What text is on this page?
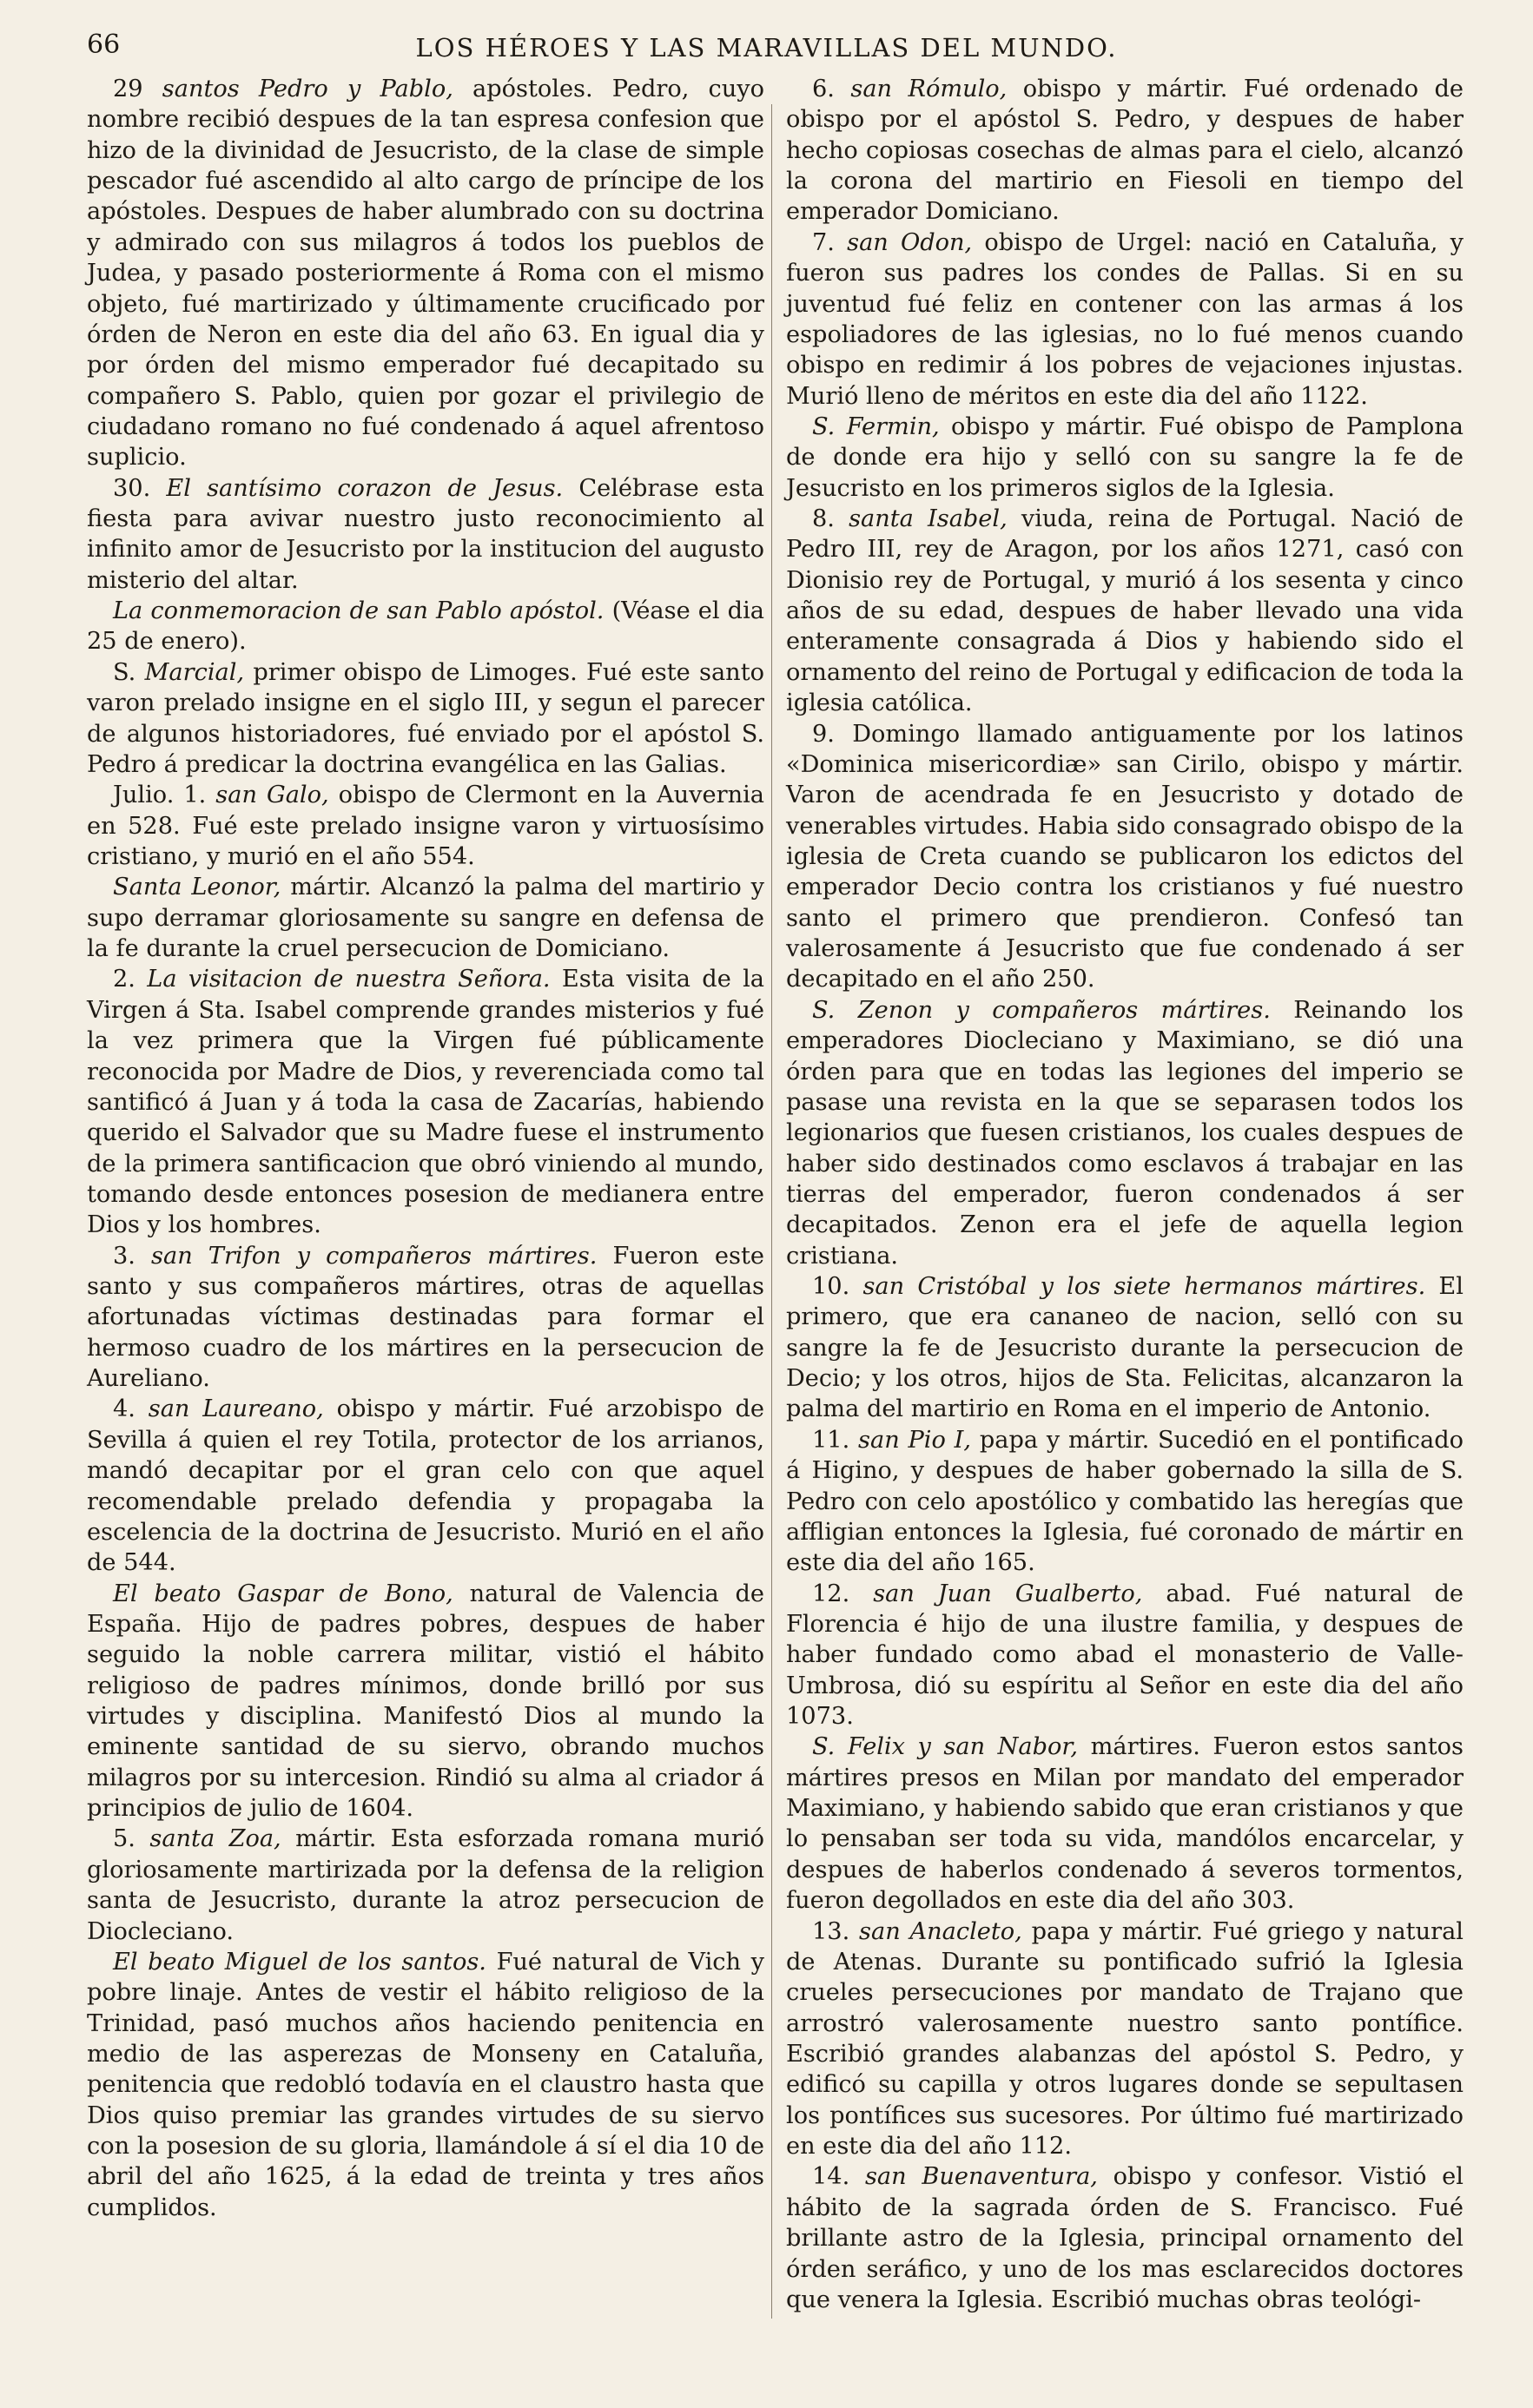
66	LOS HÉROES Y LAS MARAVILLAS DEL MUNDO.

29 santos Pedro y Pablo, apóstoles. Pedro, cuyo nombre recibió despues de la tan espresa confesion que hizo de la divinidad de Jesucristo, de la clase de simple pescador fué ascendido al alto cargo de príncipe de los apóstoles. Despues de haber alumbrado con su doctrina y admirado con sus milagros á todos los pueblos de Judea, y pasado posteriormente á Roma con el mismo objeto, fué martirizado y últimamente crucificado por órden de Neron en este dia del año 63. En igual dia y por órden del mismo emperador fué decapitado su compañero S. Pablo, quien por gozar el privilegio de ciudadano romano no fué condenado á aquel afrentoso suplicio.

30. El santísimo corazon de Jesus. Celébrase esta fiesta para avivar nuestro justo reconocimiento al infinito amor de Jesucristo por la institucion del augusto misterio del altar.

La conmemoracion de san Pablo apóstol. (Véase el dia 25 de enero).

S. Marcial, primer obispo de Limoges. Fué este santo varon prelado insigne en el siglo III, y segun el parecer de algunos historiadores, fué enviado por el apóstol S. Pedro á predicar la doctrina evangélica en las Galias.

Julio. 1. san Galo, obispo de Clermont en la Auvernia en 528. Fué este prelado insigne varon y virtuosísimo cristiano, y murió en el año 554.

Santa Leonor, mártir. Alcanzó la palma del martirio y supo derramar gloriosamente su sangre en defensa de la fe durante la cruel persecucion de Domiciano.

2. La visitacion de nuestra Señora. Esta visita de la Virgen á Sta. Isabel comprende grandes misterios y fué la vez primera que la Virgen fué públicamente reconocida por Madre de Dios, y reverenciada como tal santificó á Juan y á toda la casa de Zacarías, habiendo querido el Salvador que su Madre fuese el instrumento de la primera santificacion que obró viniendo al mundo, tomando desde entonces posesion de medianera entre Dios y los hombres.

3. san Trifon y compañeros mártires. Fueron este santo y sus compañeros mártires, otras de aquellas afortunadas víctimas destinadas para formar el hermoso cuadro de los mártires en la persecucion de Aureliano.

4. san Laureano, obispo y mártir. Fué arzobispo de Sevilla á quien el rey Totila, protector de los arrianos, mandó decapitar por el gran celo con que aquel recomendable prelado defendia y propagaba la escelencia de la doctrina de Jesucristo. Murió en el año de 544.

El beato Gaspar de Bono, natural de Valencia de España. Hijo de padres pobres, despues de haber seguido la noble carrera militar, vistió el hábito religioso de padres mínimos, donde brilló por sus virtudes y disciplina. Manifestó Dios al mundo la eminente santidad de su siervo, obrando muchos milagros por su intercesion. Rindió su alma al criador á principios de julio de 1604.

5. santa Zoa, mártir. Esta esforzada romana murió gloriosamente martirizada por la defensa de la religion santa de Jesucristo, durante la atroz persecucion de Diocleciano.

El beato Miguel de los santos. Fué natural de Vich y pobre linaje. Antes de vestir el hábito religioso de la Trinidad, pasó muchos años haciendo penitencia en medio de las asperezas de Monseny en Cataluña, penitencia que redobló todavía en el claustro hasta que Dios quiso premiar las grandes virtudes de su siervo con la posesion de su gloria, llamándole á sí el dia 10 de abril del año 1625, á la edad de treinta y tres años cumplidos.

6. san Rómulo, obispo y mártir. Fué ordenado de obispo por el apóstol S. Pedro, y despues de haber hecho copiosas cosechas de almas para el cielo, alcanzó la corona del martirio en Fiesoli en tiempo del emperador Domiciano.

7. san Odon, obispo de Urgel: nació en Cataluña, y fueron sus padres los condes de Pallas. Si en su juventud fué feliz en contener con las armas á los espoliadores de las iglesias, no lo fué menos cuando obispo en redimir á los pobres de vejaciones injustas. Murió lleno de méritos en este dia del año 1122.

S. Fermin, obispo y mártir. Fué obispo de Pamplona de donde era hijo y selló con su sangre la fe de Jesucristo en los primeros siglos de la Iglesia.

8. santa Isabel, viuda, reina de Portugal. Nació de Pedro III, rey de Aragon, por los años 1271, casó con Dionisio rey de Portugal, y murió á los sesenta y cinco años de su edad, despues de haber llevado una vida enteramente consagrada á Dios y habiendo sido el ornamento del reino de Portugal y edificacion de toda la iglesia católica.

9. Domingo llamado antiguamente por los latinos «Dominica misericordiæ» san Cirilo, obispo y mártir. Varon de acendrada fe en Jesucristo y dotado de venerables virtudes. Habia sido consagrado obispo de la iglesia de Creta cuando se publicaron los edictos del emperador Decio contra los cristianos y fué nuestro santo el primero que prendieron. Confesó tan valerosamente á Jesucristo que fue condenado á ser decapitado en el año 250.

S. Zenon y compañeros mártires. Reinando los emperadores Diocleciano y Maximiano, se dió una órden para que en todas las legiones del imperio se pasase una revista en la que se separasen todos los legionarios que fuesen cristianos, los cuales despues de haber sido destinados como esclavos á trabajar en las tierras del emperador, fueron condenados á ser decapitados. Zenon era el jefe de aquella legion cristiana.

10. san Cristóbal y los siete hermanos mártires. El primero, que era cananeo de nacion, selló con su sangre la fe de Jesucristo durante la persecucion de Decio; y los otros, hijos de Sta. Felicitas, alcanzaron la palma del martirio en Roma en el imperio de Antonio.

11. san Pio I, papa y mártir. Sucedió en el pontificado á Higino, y despues de haber gobernado la silla de S. Pedro con celo apostólico y combatido las heregías que affligian entonces la Iglesia, fué coronado de mártir en este dia del año 165.

12. san Juan Gualberto, abad. Fué natural de Florencia é hijo de una ilustre familia, y despues de haber fundado como abad el monasterio de Valle-Umbrosa, dió su espíritu al Señor en este dia del año 1073.

S. Felix y san Nabor, mártires. Fueron estos santos mártires presos en Milan por mandato del emperador Maximiano, y habiendo sabido que eran cristianos y que lo pensaban ser toda su vida, mandólos encarcelar, y despues de haberlos condenado á severos tormentos, fueron degollados en este dia del año 303.

13. san Anacleto, papa y mártir. Fué griego y natural de Atenas. Durante su pontificado sufrió la Iglesia crueles persecuciones por mandato de Trajano que arrostró valerosamente nuestro santo pontífice. Escribió grandes alabanzas del apóstol S. Pedro, y edificó su capilla y otros lugares donde se sepultasen los pontífices sus sucesores. Por último fué martirizado en este dia del año 112.

14. san Buenaventura, obispo y confesor. Vistió el hábito de la sagrada órden de S. Francisco. Fué brillante astro de la Iglesia, principal ornamento del órden seráfico, y uno de los mas esclarecidos doctores que venera la Iglesia. Escribió muchas obras teológi-
